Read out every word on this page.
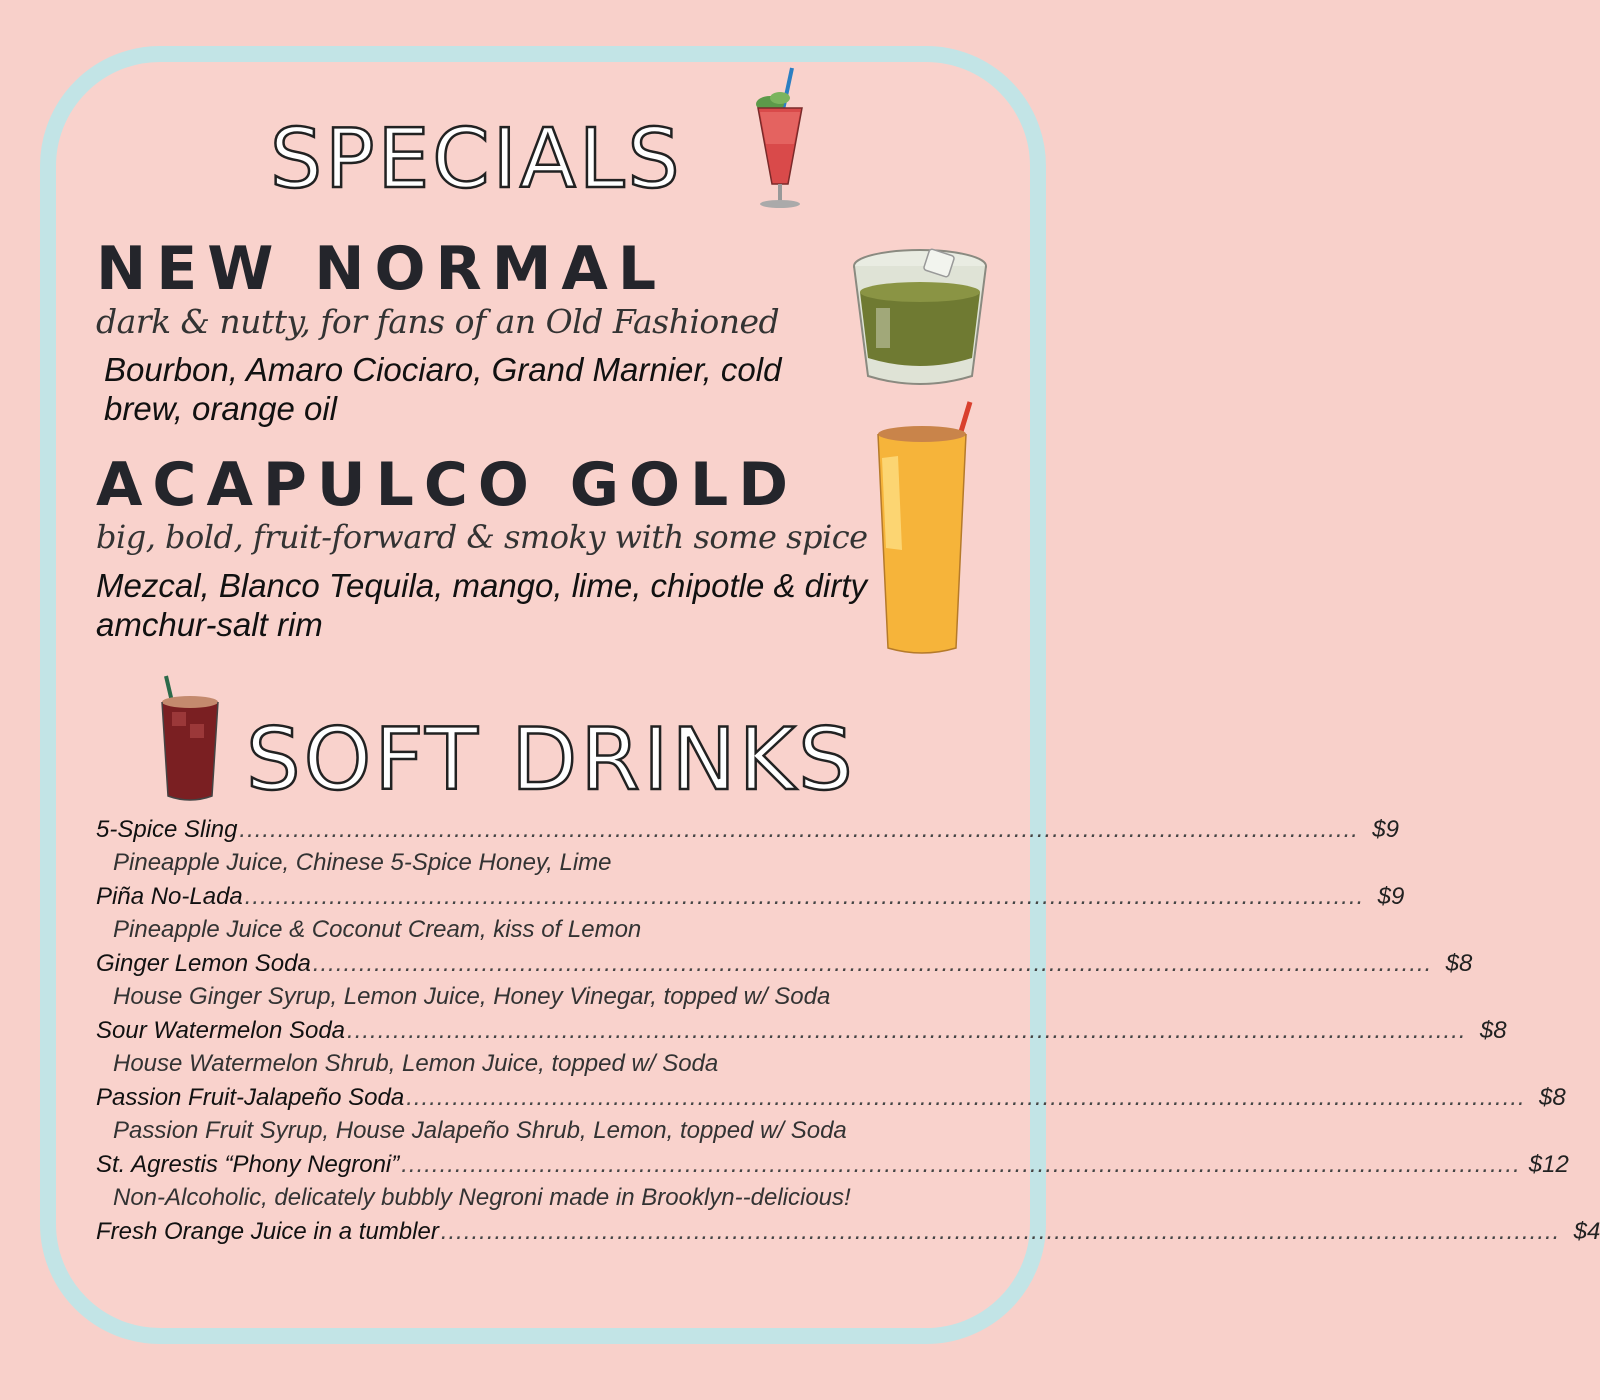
SPECIALS
NEW NORMAL

dark & nutty, for fans of an Old Fashioned

Bourbon, Amaro Ciociaro, Grand Marnier, cold brew, orange oil

ACAPULCO GOLD

big, bold, fruit-forward & smoky with some spice

Mezcal, Blanco Tequila, mango, lime, chipotle & dirty amchur-salt rim

SOFT DRINKS
5-Spice Sling .................................................................................................................................................. $9
Pineapple Juice, Chinese 5-Spice Honey, Lime
Piña No-Lada .................................................................................................................................................. $9
Pineapple Juice & Coconut Cream, kiss of Lemon
Ginger Lemon Soda .................................................................................................................................................. $8
House Ginger Syrup, Lemon Juice, Honey Vinegar, topped w/ Soda
Sour Watermelon Soda .................................................................................................................................................. $8
House Watermelon Shrub, Lemon Juice, topped w/ Soda
Passion Fruit-Jalapeño Soda .................................................................................................................................................. $8
Passion Fruit Syrup, House Jalapeño Shrub, Lemon, topped w/ Soda
St. Agrestis “Phony Negroni” .................................................................................................................................................. $12
Non-Alcoholic, delicately bubbly Negroni made in Brooklyn--delicious!
Fresh Orange Juice in a tumbler .................................................................................................................................................. $4
